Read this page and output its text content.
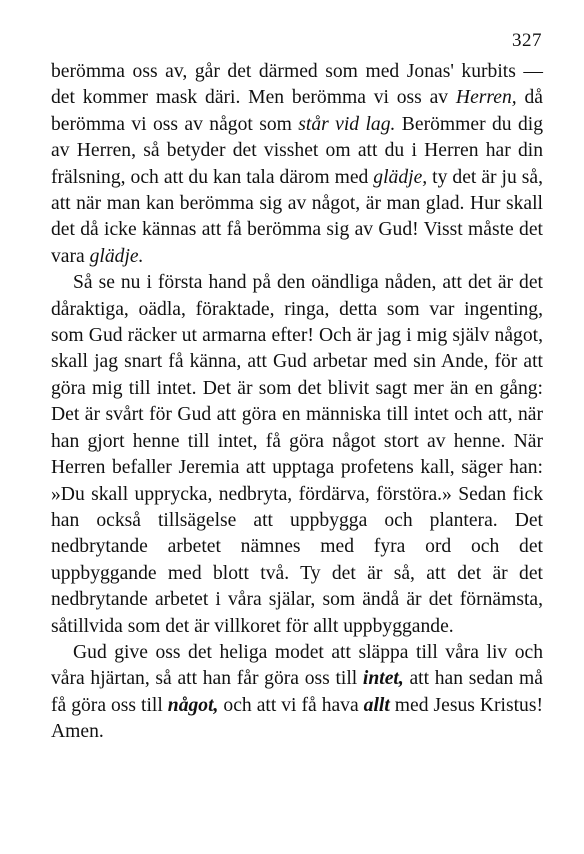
327

berömma oss av, går det därmed som med Jonas' kurbits — det kommer mask däri. Men berömma vi oss av Herren, då berömma vi oss av något som står vid lag. Berömmer du dig av Herren, så betyder det visshet om att du i Herren har din frälsning, och att du kan tala därom med glädje, ty det är ju så, att när man kan berömma sig av något, är man glad. Hur skall det då icke kännas att få berömma sig av Gud! Visst måste det vara glädje.

Så se nu i första hand på den oändliga nåden, att det är det dåraktiga, oädla, föraktade, ringa, detta som var ingenting, som Gud räcker ut armarna efter! Och är jag i mig själv något, skall jag snart få känna, att Gud arbetar med sin Ande, för att göra mig till intet. Det är som det blivit sagt mer än en gång: Det är svårt för Gud att göra en människa till intet och att, när han gjort henne till intet, få göra något stort av henne. När Herren befaller Jeremia att upptaga profetens kall, säger han: »Du skall uppryckа, nedbryta, fördärva, förstöra.» Sedan fick han också tillsägelse att uppbygga och plantera. Det nedbrytande arbetet nämnes med fyra ord och det uppbyggande med blott två. Ty det är så, att det är det nedbrytande arbetet i våra själar, som ändå är det förnämsta, såtillvida som det är villkoret för allt uppbyggande.

Gud give oss det heliga modet att släppa till våra liv och våra hjärtan, så att han får göra oss till intet, att han sedan må få göra oss till något, och att vi få hava allt med Jesus Kristus! Amen.
